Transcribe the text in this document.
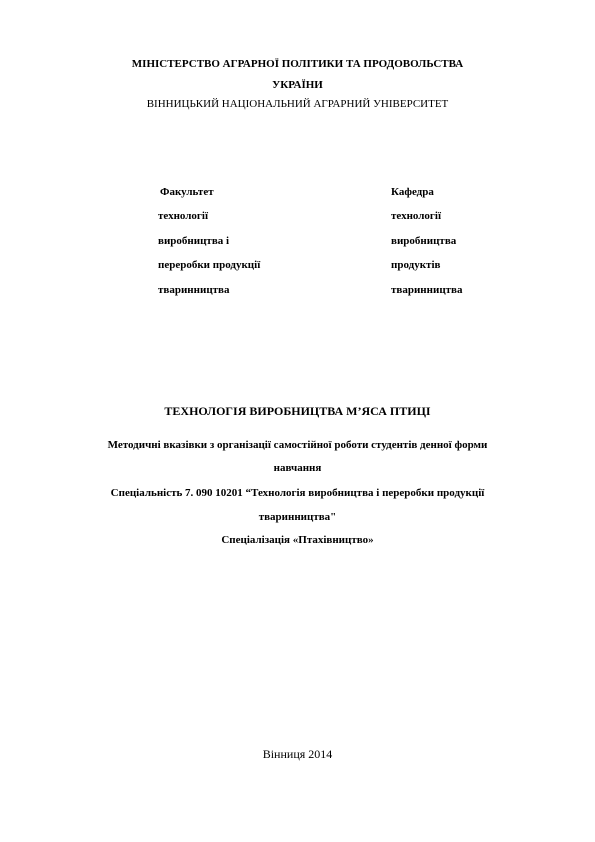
МІНІСТЕРСТВО АГРАРНОЇ ПОЛІТИКИ ТА ПРОДОВОЛЬСТВА
УКРАЇНИ
ВІННИЦЬКИЙ НАЦІОНАЛЬНИЙ АГРАРНИЙ УНІВЕРСИТЕТ
Факультет
технології
виробництва і
переробки продукції
тваринництва
Кафедра
технології
виробництва
продуктів
тваринництва
ТЕХНОЛОГІЯ ВИРОБНИЦТВА М’ЯСА ПТИЦІ
Методичні вказівки з організації самостійної роботи студентів денної форми
навчання
Спеціальність 7. 090 10201 “Технологія виробництва і переробки продукції
тваринництва"
Спеціалізація «Птахівництво»
Вінниця 2014
